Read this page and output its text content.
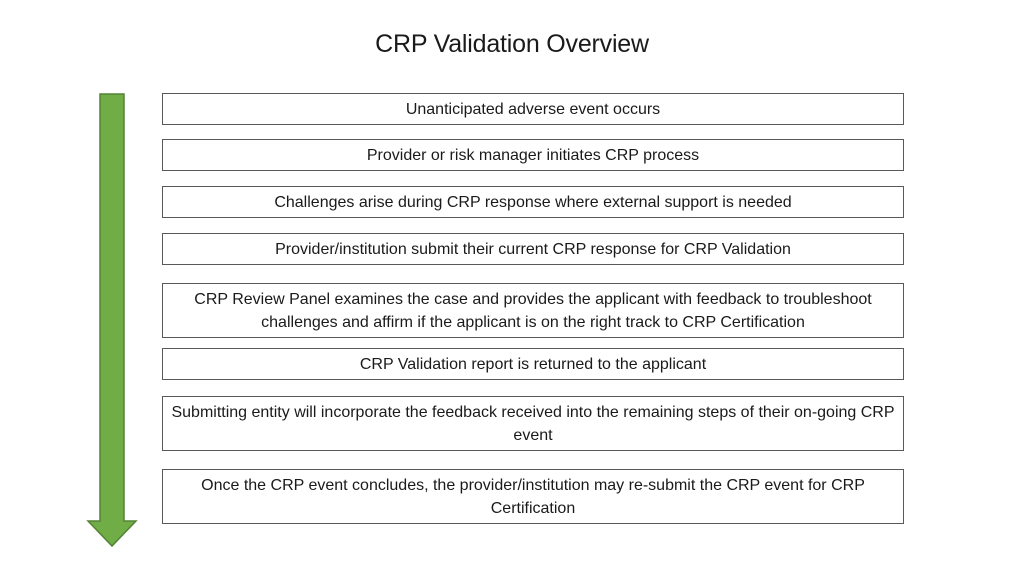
CRP Validation Overview
Unanticipated adverse event occurs
Provider or risk manager initiates CRP process
Challenges arise during CRP response where external support is needed
Provider/institution submit their current CRP response for CRP Validation
CRP Review Panel examines the case and provides the applicant with feedback to troubleshoot challenges and affirm if the applicant is on the right track to CRP Certification
CRP Validation report is returned to the applicant
Submitting entity will incorporate the feedback received into the remaining steps of their on-going CRP event
Once the CRP event concludes, the provider/institution may re-submit the CRP event for CRP Certification
